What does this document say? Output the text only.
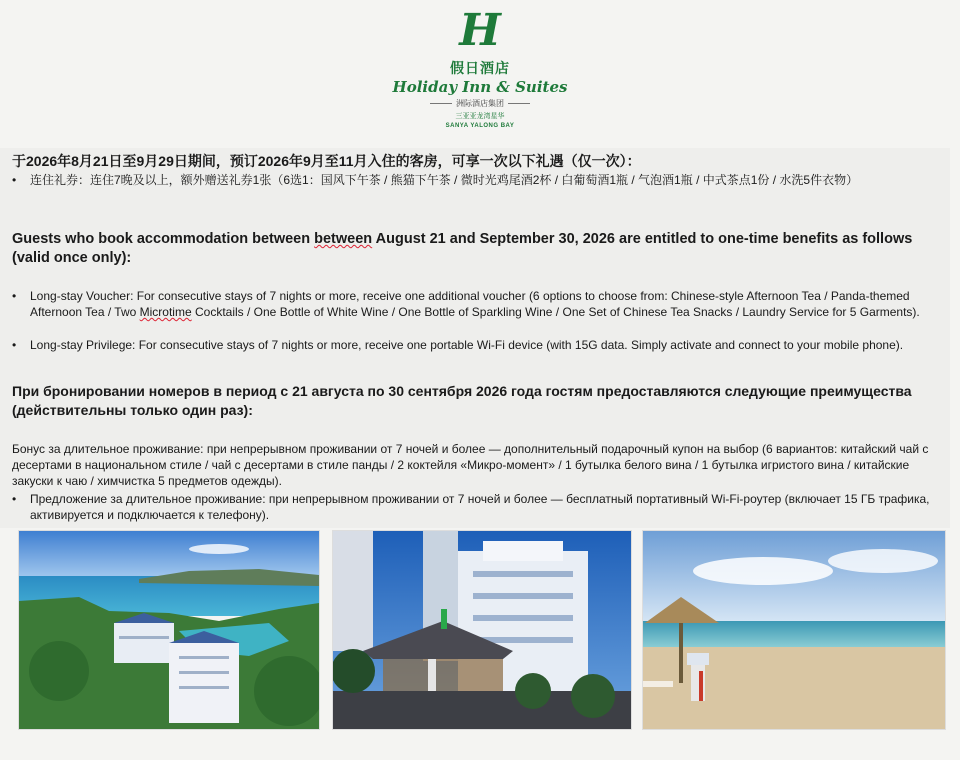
H
假日酒店
Holiday Inn & Suites
洲际酒店集团
三亚亚龙湾星华
SANYA YALONG BAY
于2026年8月21日至9月29日期间，预订2026年9月至11月入住的客房，可享一次以下礼遇（仅一次）：
• 连住礼券：连住7晚及以上，额外赠送礼券1张（6选1：国风下午茶 / 熊猫下午茶 / 微时光鸡尾酒2杯 / 白葡萄酒1瓶 / 气泡酒1瓶 / 中式茶点1份 / 水洗5件衣物）
Guests who book accommodation between between August 21 and September 30, 2026 are entitled to one-time benefits as follows (valid once only):
• Long-stay Voucher: For consecutive stays of 7 nights or more, receive one additional voucher (6 options to choose from: Chinese-style Afternoon Tea / Panda-themed Afternoon Tea / Two Microtime Cocktails / One Bottle of White Wine / One Bottle of Sparkling Wine / One Set of Chinese Tea Snacks / Laundry Service for 5 Garments).
• Long-stay Privilege: For consecutive stays of 7 nights or more, receive one portable Wi-Fi device (with 15G data. Simply activate and connect to your mobile phone).
При бронировании номеров в период с 21 августа по 30 сентября 2026 года гостям предоставляются следующие преимущества (действительны только один раз):
Бонус за длительное проживание: при непрерывном проживании от 7 ночей и более — дополнительный подарочный купон на выбор (6 вариантов: китайский чай с десертами в национальном стиле / чай с десертами в стиле панды / 2 коктейля «Микро-момент» / 1 бутылка белого вина / 1 бутылка игристого вина / китайские закуски к чаю / химчистка 5 предметов одежды).
• Предложение за длительное проживание: при непрерывном проживании от 7 ночей и более — бесплатный портативный Wi-Fi-роутер (включает 15 ГБ трафика, активируется и подключается к телефону).
